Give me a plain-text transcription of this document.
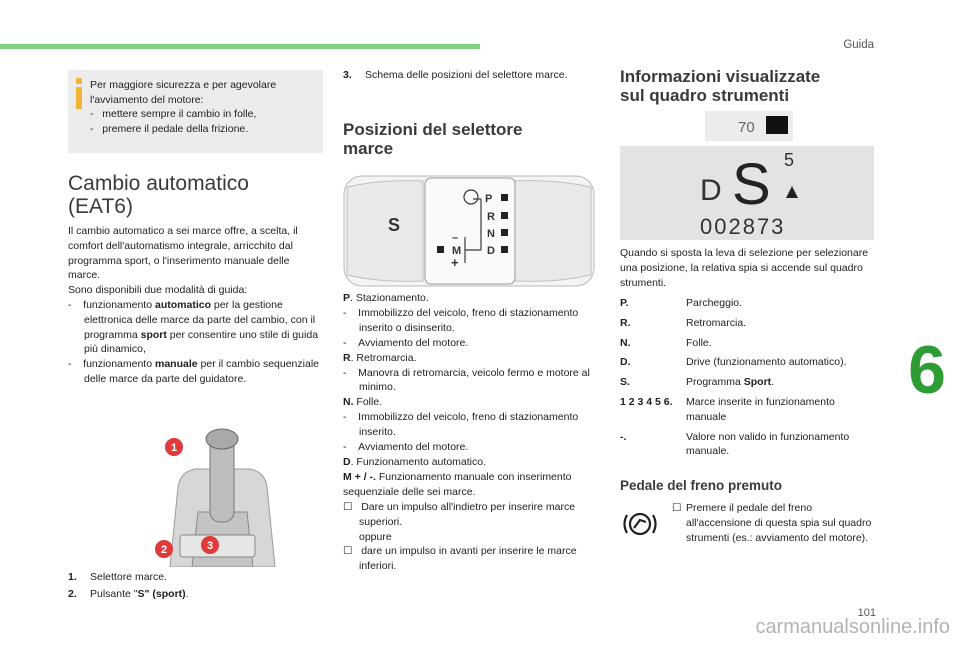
Guida
6
101
carmanualsonline.info
Per maggiore sicurezza e per agevolare l'avviamento del motore:
- mettere sempre il cambio in folle,
- premere il pedale della frizione.
Cambio automatico
(EAT6)
Il cambio automatico a sei marce offre, a scelta, il comfort dell'automatismo integrale, arricchito dal programma sport, o l'inserimento manuale delle marce.
Sono disponibili due modalità di guida:
- funzionamento automatico per la gestione elettronica delle marce da parte del cambio, con il programma sport per consentire uno stile di guida più dinamico,
- funzionamento manuale per il cambio sequenziale delle marce da parte del guidatore.
1
2	3
1.	Selettore marce.
2.	Pulsante "S" (sport).
3.	Schema delle posizioni del selettore marce.
Posizioni del selettore
marce
S
P
R
N
D
M
–
+
P. Stazionamento.
- Immobilizzo del veicolo, freno di stazionamento inserito o disinserito.
- Avviamento del motore.
R. Retromarcia.
- Manovra di retromarcia, veicolo fermo e motore al minimo.
N. Folle.
- Immobilizzo del veicolo, freno di stazionamento inserito.
- Avviamento del motore.
D. Funzionamento automatico.
M + / -. Funzionamento manuale con inserimento sequenziale delle sei marce.
☐ Dare un impulso all'indietro per inserire marce superiori.
oppure
☐ dare un impulso in avanti per inserire le marce inferiori.
Informazioni visualizzate
sul quadro strumenti
70
D S 5
002873
Quando si sposta la leva di selezione per selezionare una posizione, la relativa spia si accende sul quadro strumenti.
P.	Parcheggio.
R.	Retromarcia.
N.	Folle.
D.	Drive (funzionamento automatico).
S.	Programma Sport.
1 2 3 4 5 6.	Marce inserite in funzionamento manuale
-.	Valore non valido in funzionamento manuale.
Pedale del freno premuto
☐ Premere il pedale del freno all'accensione di questa spia sul quadro strumenti (es.: avviamento del motore).
